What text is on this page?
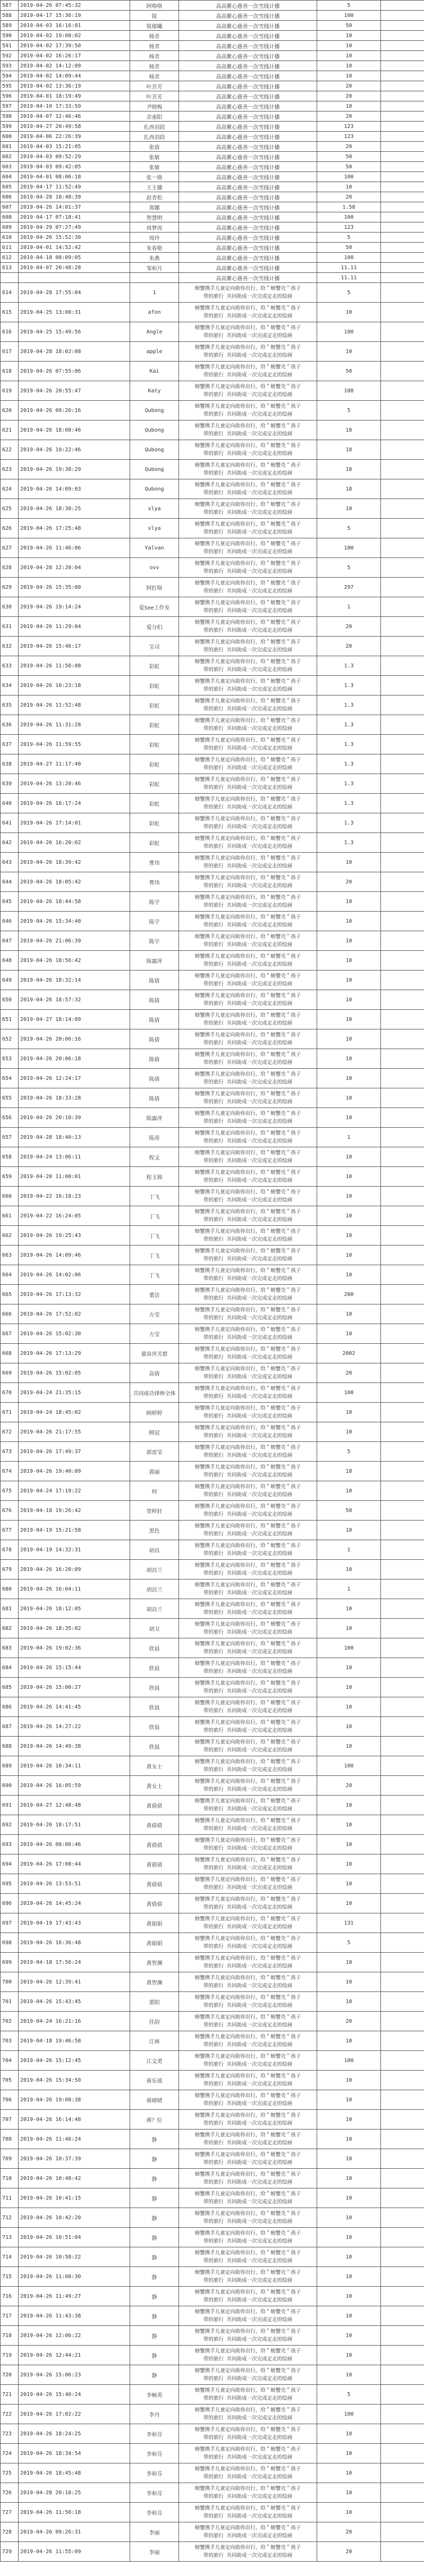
587	2019-04-26 07:45:32	阿咯咯	高高紫心慈善一次雪线计播	5	
588	2019-04-17 15:36:19	锐	高高紫心慈善一次雪线计播	100	
589	2019-04-03 16:16:01	锐郁曦	高高紫心慈善一次雪线计播	50	
590	2019-04-02 19:08:02	杨青	高高紫心慈善一次雪线计播	10	
591	2019-04-02 17:39:50	杨青	高高紫心慈善一次雪线计播	10	
592	2019-04-02 16:26:17	杨青	高高紫心慈善一次雪线计播	10	
593	2019-04-02 14:12:09	杨青	高高紫心慈善一次雪线计播	10	
594	2019-04-02 14:09:44	杨青	高高紫心慈善一次雪线计播	10	
595	2019-04-02 13:36:19	叶芳芳	高高紫心慈善一次雪线计播	20	
596	2019-04-01 18:19:49	叶芳芳	高高紫心慈善一次雪线计播	20	
597	2019-04-10 17:33:59	尹晓梅	高高紫心慈善一次雪线计播	10	
598	2019-04-07 12:46:46	余童阳	高高紫心慈善一次雪线计播	20	
599	2019-04-27 20:49:58	扎西羽段	高高紫心慈善一次雪线计播	123	
600	2019-04-06 22:26:39	扎西羽段	高高紫心慈善一次雪线计播	123	
601	2019-04-03 15:21:05	张倩	高高紫心慈善一次雪线计播	20	
602	2019-04-03 09:52:29	张敏	高高紫心慈善一次雪线计播	50	
603	2019-04-03 09:42:05	张敏	高高紫心慈善一次雪线计播	50	
604	2019-04-01 08:06:18	张一格	高高紫心慈善一次雪线计播	100	
605	2019-04-17 11:52:49	王主播	高高紫心慈善一次雪线计播	10	
606	2019-04-28 18:48:39	赵青松	高高紫心慈善一次雪线计播	20	
607	2019-04-26 14:01:37	郑娜	高高紫心慈善一次雪线计播	1.58	
608	2019-04-17 07:18:41	智慧明	高高紫心慈善一次雪线计播	100	
609	2019-04-29 07:27:49	周梦涛	高高紫心慈善一次雪线计播	123	
610	2019-04-26 15:52:30	周玲	高高紫心慈善一次雪线计播	5	
611	2019-04-01 14:52:42	朱春艳	高高紫心慈善一次雪线计播	50	
612	2019-04-18 08:09:05	朱燕	高高紫心慈善一次雪线计播	100	
613	2019-04-07 20:48:28	邹和月	高高紫心慈善一次雪线计播	11.11	
			高高紫心慈善一次雪线计播	11.11	
614	2019-04-28 17:55:04	1	螃蟹携手儿童定向助你出行，给＂螃蟹壳＂孩子
带的旅行 共同助成一次完成定走的绘画	5	
615	2019-04-25 13:00:31	afon	螃蟹携手儿童定向助你出行，给＂螃蟹壳＂孩子
带的旅行 共同助成一次完成定走的绘画	10	
616	2019-04-25 15:49:56	Angle	螃蟹携手儿童定向助你出行，给＂螃蟹壳＂孩子
带的旅行 共同助成一次完成定走的绘画	100	
617	2019-04-28 18:02:08	apple	螃蟹携手儿童定向助你出行，给＂螃蟹壳＂孩子
带的旅行 共同助成一次完成定走的绘画	10	
618	2019-04-26 07:55:06	Kai	螃蟹携手儿童定向助你出行，给＂螃蟹壳＂孩子
带的旅行 共同助成一次完成定走的绘画	50	
619	2019-04-26 20:55:47	Katy	螃蟹携手儿童定向助你出行，给＂螃蟹壳＂孩子
带的旅行 共同助成一次完成定走的绘画	108	
620	2019-04-26 09:26:16	Qubong	螃蟹携手儿童定向助你出行，给＂螃蟹壳＂孩子
带的旅行 共同助成一次完成定走的绘画	5	
621	2019-04-26 18:08:46	Qubong	螃蟹携手儿童定向助你出行，给＂螃蟹壳＂孩子
带的旅行 共同助成一次完成定走的绘画	18	
622	2019-04-26 19:22:46	Qubong	螃蟹携手儿童定向助你出行，给＂螃蟹壳＂孩子
带的旅行 共同助成一次完成定走的绘画	18	
623	2019-04-26 19:38:29	Qubong	螃蟹携手儿童定向助你出行，给＂螃蟹壳＂孩子
带的旅行 共同助成一次完成定走的绘画	18	
624	2019-04-26 14:09:03	Qubong	螃蟹携手儿童定向助你出行，给＂螃蟹壳＂孩子
带的旅行 共同助成一次完成定走的绘画	18	
625	2019-04-26 18:30:25	xlya	螃蟹携手儿童定向助你出行，给＂螃蟹壳＂孩子
带的旅行 共同助成一次完成定走的绘画	10	
626	2019-04-26 17:25:48	xlya	螃蟹携手儿童定向助你出行，给＂螃蟹壳＂孩子
带的旅行 共同助成一次完成定走的绘画	5	
627	2019-04-26 11:46:06	Yalvan	螃蟹携手儿童定向助你出行，给＂螃蟹壳＂孩子
带的旅行 共同助成一次完成定走的绘画	100	
628	2019-04-28 12:20:04	ovv	螃蟹携手儿童定向助你出行，给＂螃蟹壳＂孩子
带的旅行 共同助成一次完成定走的绘画	5	
629	2019-04-26 15:35:00	阿红咯	螃蟹携手儿童定向助你出行，给＂螃蟹壳＂孩子
带的旅行 共同助成一次完成定走的绘画	297	
630	2019-04-26 19:14:24	爱See工作室	螃蟹携手儿童定向助你出行，给＂螃蟹壳＂孩子
带的旅行 共同助成一次完成定走的绘画	1	
631	2019-04-26 11:29:04	爱分们	螃蟹携手儿童定向助你出行，给＂螃蟹壳＂孩子
带的旅行 共同助成一次完成定走的绘画	20	
632	2019-04-26 15:46:17	宝司	螃蟹携手儿童定向助你出行，给＂螃蟹壳＂孩子
带的旅行 共同助成一次完成定走的绘画	20	
633	2019-04-26 11:50:08	彩虹	螃蟹携手儿童定向助你出行，给＂螃蟹壳＂孩子
带的旅行 共同助成一次完成定走的绘画	1.3	
634	2019-04-26 10:23:18	彩虹	螃蟹携手儿童定向助你出行，给＂螃蟹壳＂孩子
带的旅行 共同助成一次完成定走的绘画	1.3	
635	2019-04-26 11:52:48	彩虹	螃蟹携手儿童定向助你出行，给＂螃蟹壳＂孩子
带的旅行 共同助成一次完成定走的绘画	1.3	
636	2019-04-26 11:31:28	彩虹	螃蟹携手儿童定向助你出行，给＂螃蟹壳＂孩子
带的旅行 共同助成一次完成定走的绘画	1.3	
637	2019-04-26 11:59:55	彩虹	螃蟹携手儿童定向助你出行，给＂螃蟹壳＂孩子
带的旅行 共同助成一次完成定走的绘画	1.3	
638	2019-04-27 11:17:40	彩虹	螃蟹携手儿童定向助你出行，给＂螃蟹壳＂孩子
带的旅行 共同助成一次完成定走的绘画	1.3	
639	2019-04-26 13:20:46	彩虹	螃蟹携手儿童定向助你出行，给＂螃蟹壳＂孩子
带的旅行 共同助成一次完成定走的绘画	1.3	
640	2019-04-26 16:17:24	彩虹	螃蟹携手儿童定向助你出行，给＂螃蟹壳＂孩子
带的旅行 共同助成一次完成定走的绘画	1.3	
641	2019-04-26 17:14:01	彩虹	螃蟹携手儿童定向助你出行，给＂螃蟹壳＂孩子
带的旅行 共同助成一次完成定走的绘画	1.3	
642	2019-04-26 16:20:02	彩虹	螃蟹携手儿童定向助你出行，给＂螃蟹壳＂孩子
带的旅行 共同助成一次完成定走的绘画	1.3	
643	2019-04-26 18:39:42	曹玮	螃蟹携手儿童定向助你出行，给＂螃蟹壳＂孩子
带的旅行 共同助成一次完成定走的绘画	10	
644	2019-04-26 18:05:42	曹玮	螃蟹携手儿童定向助你出行，给＂螃蟹壳＂孩子
带的旅行 共同助成一次完成定走的绘画	20	
645	2019-04-26 18:44:58	陈宇	螃蟹携手儿童定向助你出行，给＂螃蟹壳＂孩子
带的旅行 共同助成一次完成定走的绘画	10	
646	2019-04-26 15:34:40	陈宇	螃蟹携手儿童定向助你出行，给＂螃蟹壳＂孩子
带的旅行 共同助成一次完成定走的绘画	10	
647	2019-04-26 21:06:39	陈宇	螃蟹携手儿童定向助你出行，给＂螃蟹壳＂孩子
带的旅行 共同助成一次完成定走的绘画	10	
648	2019-04-26 18:56:42	陈露萍	螃蟹携手儿童定向助你出行，给＂螃蟹壳＂孩子
带的旅行 共同助成一次完成定走的绘画	10	
649	2019-04-26 18:32:14	陈倩	螃蟹携手儿童定向助你出行，给＂螃蟹壳＂孩子
带的旅行 共同助成一次完成定走的绘画	10	
650	2019-04-26 18:57:32	陈倩	螃蟹携手儿童定向助你出行，给＂螃蟹壳＂孩子
带的旅行 共同助成一次完成定走的绘画	10	
651	2019-04-27 18:14:09	陈倩	螃蟹携手儿童定向助你出行，给＂螃蟹壳＂孩子
带的旅行 共同助成一次完成定走的绘画	10	
652	2019-04-26 20:06:16	陈倩	螃蟹携手儿童定向助你出行，给＂螃蟹壳＂孩子
带的旅行 共同助成一次完成定走的绘画	10	
653	2019-04-26 20:06:18	陈倩	螃蟹携手儿童定向助你出行，给＂螃蟹壳＂孩子
带的旅行 共同助成一次完成定走的绘画	10	
654	2019-04-26 12:24:17	陈倩	螃蟹携手儿童定向助你出行，给＂螃蟹壳＂孩子
带的旅行 共同助成一次完成定走的绘画	10	
655	2019-04-26 18:33:28	陈倩	螃蟹携手儿童定向助你出行，给＂螃蟹壳＂孩子
带的旅行 共同助成一次完成定走的绘画	10	
656	2019-04-26 20:10:39	陈露萍	螃蟹携手儿童定向助你出行，给＂螃蟹壳＂孩子
带的旅行 共同助成一次完成定走的绘画	10	
657	2019-04-28 18:40:13	陈涛	螃蟹携手儿童定向助你出行，给＂螃蟹壳＂孩子
带的旅行 共同助成一次完成定走的绘画	1	
658	2019-04-24 13:06:11	程文	螃蟹携手儿童定向助你出行，给＂螃蟹壳＂孩子
带的旅行 共同助成一次完成定走的绘画	10	
659	2019-04-20 11:00:01	程玉锦	螃蟹携手儿童定向助你出行，给＂螃蟹壳＂孩子
带的旅行 共同助成一次完成定走的绘画	10	
660	2019-04-22 16:18:23	丁飞	螃蟹携手儿童定向助你出行，给＂螃蟹壳＂孩子
带的旅行 共同助成一次完成定走的绘画	10	
661	2019-04-22 16:24:05	丁飞	螃蟹携手儿童定向助你出行，给＂螃蟹壳＂孩子
带的旅行 共同助成一次完成定走的绘画	10	
662	2019-04-26 19:25:43	丁飞	螃蟹携手儿童定向助你出行，给＂螃蟹壳＂孩子
带的旅行 共同助成一次完成定走的绘画	10	
663	2019-04-26 14:09:46	丁飞	螃蟹携手儿童定向助你出行，给＂螃蟹壳＂孩子
带的旅行 共同助成一次完成定走的绘画	10	
664	2019-04-26 14:02:06	丁飞	螃蟹携手儿童定向助你出行，给＂螃蟹壳＂孩子
带的旅行 共同助成一次完成定走的绘画	10	
665	2019-04-26 17:13:32	董洁	螃蟹携手儿童定向助你出行，给＂螃蟹壳＂孩子
带的旅行 共同助成一次完成定走的绘画	200	
666	2019-04-26 17:52:02	方莹	螃蟹携手儿童定向助你出行，给＂螃蟹壳＂孩子
带的旅行 共同助成一次完成定走的绘画	10	
667	2019-04-26 15:02:30	方莹	螃蟹携手儿童定向助你出行，给＂螃蟹壳＂孩子
带的旅行 共同助成一次完成定走的绘画	10	
668	2019-04-26 17:13:29	慕容世芳群	螃蟹携手儿童定向助你出行，给＂螃蟹壳＂孩子
带的旅行 共同助成一次完成定走的绘画	2002	
669	2019-04-26 15:02:05	高倩	螃蟹携手儿童定向助你出行，给＂螃蟹壳＂孩子
带的旅行 共同助成一次完成定走的绘画	20	
670	2019-04-24 21:35:15	共同成功律师全体	螃蟹携手儿童定向助你出行，给＂螃蟹壳＂孩子
带的旅行 共同助成一次完成定走的绘画	100	
671	2019-04-24 18:45:02	顾婷婷	螃蟹携手儿童定向助你出行，给＂螃蟹壳＂孩子
带的旅行 共同助成一次完成定走的绘画	10	
672	2019-04-26 21:17:55	顾冠	螃蟹携手儿童定向助你出行，给＂螃蟹壳＂孩子
带的旅行 共同助成一次完成定走的绘画	10	
673	2019-04-26 17:49:37	郭雷莹	螃蟹携手儿童定向助你出行，给＂螃蟹壳＂孩子
带的旅行 共同助成一次完成定走的绘画	5	
674	2019-04-26 19:40:09	郭丽	螃蟹携手儿童定向助你出行，给＂螃蟹壳＂孩子
带的旅行 共同助成一次完成定走的绘画	18	
675	2019-04-24 17:19:22	何	螃蟹携手儿童定向助你出行，给＂螃蟹壳＂孩子
带的旅行 共同助成一次完成定走的绘画	10	
676	2019-04-18 19:26:42	贺梓轩	螃蟹携手儿童定向助你出行，给＂螃蟹壳＂孩子
带的旅行 共同助成一次完成定走的绘画	50	
677	2019-04-19 15:21:58	黑色	螃蟹携手儿童定向助你出行，给＂螃蟹壳＂孩子
带的旅行 共同助成一次完成定走的绘画	10	
678	2019-04-19 14:32:31	胡昌	螃蟹携手儿童定向助你出行，给＂螃蟹壳＂孩子
带的旅行 共同助成一次完成定走的绘画	1	
679	2019-04-26 16:20:09	胡昌兰	螃蟹携手儿童定向助你出行，给＂螃蟹壳＂孩子
带的旅行 共同助成一次完成定走的绘画	10	
680	2019-04-26 16:04:11	胡昌兰	螃蟹携手儿童定向助你出行，给＂螃蟹壳＂孩子
带的旅行 共同助成一次完成定走的绘画	1	
681	2019-04-26 18:12:05	胡昌兰	螃蟹携手儿童定向助你出行，给＂螃蟹壳＂孩子
带的旅行 共同助成一次完成定走的绘画	10	
682	2019-04-26 18:35:02	胡卫	螃蟹携手儿童定向助你出行，给＂螃蟹壳＂孩子
带的旅行 共同助成一次完成定走的绘画	10	
683	2019-04-26 19:02:36	欣晨	螃蟹携手儿童定向助你出行，给＂螃蟹壳＂孩子
带的旅行 共同助成一次完成定走的绘画	100	
684	2019-04-26 15:15:44	欣晨	螃蟹携手儿童定向助你出行，给＂螃蟹壳＂孩子
带的旅行 共同助成一次完成定走的绘画	10	
685	2019-04-26 15:00:27	欣晨	螃蟹携手儿童定向助你出行，给＂螃蟹壳＂孩子
带的旅行 共同助成一次完成定走的绘画	10	
686	2019-04-26 14:41:45	欣晨	螃蟹携手儿童定向助你出行，给＂螃蟹壳＂孩子
带的旅行 共同助成一次完成定走的绘画	10	
687	2019-04-26 14:27:22	欣晨	螃蟹携手儿童定向助你出行，给＂螃蟹壳＂孩子
带的旅行 共同助成一次完成定走的绘画	10	
688	2019-04-26 14:49:38	欣晨	螃蟹携手儿童定向助你出行，给＂螃蟹壳＂孩子
带的旅行 共同助成一次完成定走的绘画	10	
689	2019-04-26 10:34:11	黄女士	螃蟹携手儿童定向助你出行，给＂螃蟹壳＂孩子
带的旅行 共同助成一次完成定走的绘画	100	
690	2019-04-26 16:05:59	黄女士	螃蟹携手儿童定向助你出行，给＂螃蟹壳＂孩子
带的旅行 共同助成一次完成定走的绘画	20	
691	2019-04-27 12:48:48	黄倩倩	螃蟹携手儿童定向助你出行，给＂螃蟹壳＂孩子
带的旅行 共同助成一次完成定走的绘画	10	
692	2019-04-26 18:17:51	黄倩倩	螃蟹携手儿童定向助你出行，给＂螃蟹壳＂孩子
带的旅行 共同助成一次完成定走的绘画	10	
693	2019-04-26 08:06:46	黄倩倩	螃蟹携手儿童定向助你出行，给＂螃蟹壳＂孩子
带的旅行 共同助成一次完成定走的绘画	10	
694	2019-04-26 17:08:44	黄倩倩	螃蟹携手儿童定向助你出行，给＂螃蟹壳＂孩子
带的旅行 共同助成一次完成定走的绘画	10	
695	2019-04-26 13:53:51	黄倩倩	螃蟹携手儿童定向助你出行，给＂螃蟹壳＂孩子
带的旅行 共同助成一次完成定走的绘画	10	
696	2019-04-26 14:45:24	黄倩倩	螃蟹携手儿童定向助你出行，给＂螃蟹壳＂孩子
带的旅行 共同助成一次完成定走的绘画	10	
697	2019-04-19 17:43:43	黄娟娟	螃蟹携手儿童定向助你出行，给＂螃蟹壳＂孩子
带的旅行 共同助成一次完成定走的绘画	131	
698	2019-04-26 16:36:48	黄娟娟	螃蟹携手儿童定向助你出行，给＂螃蟹壳＂孩子
带的旅行 共同助成一次完成定走的绘画	5	
699	2019-04-18 17:56:24	黄智渊	螃蟹携手儿童定向助你出行，给＂螃蟹壳＂孩子
带的旅行 共同助成一次完成定走的绘画	10	
700	2019-04-26 12:39:41	黄智渊	螃蟹携手儿童定向助你出行，给＂螃蟹壳＂孩子
带的旅行 共同助成一次完成定走的绘画	10	
701	2019-04-26 15:43:45	蕾阳	螃蟹携手儿童定向助你出行，给＂螃蟹壳＂孩子
带的旅行 共同助成一次完成定走的绘画	10	
702	2019-04-24 16:21:16	佳韵	螃蟹携手儿童定向助你出行，给＂螃蟹壳＂孩子
带的旅行 共同助成一次完成定走的绘画	20	
703	2019-04-18 19:46:58	江林	螃蟹携手儿童定向助你出行，给＂螃蟹壳＂孩子
带的旅行 共同助成一次完成定走的绘画	10	
704	2019-04-26 15:12:45	江文勇	螃蟹携手儿童定向助你出行，给＂螃蟹壳＂孩子
带的旅行 共同助成一次完成定走的绘画	100	
705	2019-04-26 15:34:50	蒋乐瑶	螃蟹携手儿童定向助你出行，给＂螃蟹壳＂孩子
带的旅行 共同助成一次完成定走的绘画	10	
706	2019-04-26 19:08:38	蒋晴晴	螃蟹携手儿童定向助你出行，给＂螃蟹壳＂孩子
带的旅行 共同助成一次完成定走的绘画	10	
707	2019-04-26 16:14:48	蒋？位	螃蟹携手儿童定向助你出行，给＂螃蟹壳＂孩子
带的旅行 共同助成一次完成定走的绘画	10	
708	2019-04-26 11:46:24	静	螃蟹携手儿童定向助你出行，给＂螃蟹壳＂孩子
带的旅行 共同助成一次完成定走的绘画	10	
709	2019-04-26 10:37:39	静	螃蟹携手儿童定向助你出行，给＂螃蟹壳＂孩子
带的旅行 共同助成一次完成定走的绘画	10	
710	2019-04-26 10:48:42	静	螃蟹携手儿童定向助你出行，给＂螃蟹壳＂孩子
带的旅行 共同助成一次完成定走的绘画	10	
711	2019-04-26 10:41:15	静	螃蟹携手儿童定向助你出行，给＂螃蟹壳＂孩子
带的旅行 共同助成一次完成定走的绘画	10	
712	2019-04-26 10:42:20	静	螃蟹携手儿童定向助你出行，给＂螃蟹壳＂孩子
带的旅行 共同助成一次完成定走的绘画	10	
713	2019-04-26 10:51:04	静	螃蟹携手儿童定向助你出行，给＂螃蟹壳＂孩子
带的旅行 共同助成一次完成定走的绘画	10	
714	2019-04-26 10:58:22	静	螃蟹携手儿童定向助你出行，给＂螃蟹壳＂孩子
带的旅行 共同助成一次完成定走的绘画	10	
715	2019-04-26 11:08:30	静	螃蟹携手儿童定向助你出行，给＂螃蟹壳＂孩子
带的旅行 共同助成一次完成定走的绘画	10	
716	2019-04-26 11:49:27	静	螃蟹携手儿童定向助你出行，给＂螃蟹壳＂孩子
带的旅行 共同助成一次完成定走的绘画	10	
717	2019-04-26 11:43:38	静	螃蟹携手儿童定向助你出行，给＂螃蟹壳＂孩子
带的旅行 共同助成一次完成定走的绘画	10	
718	2019-04-26 12:06:22	静	螃蟹携手儿童定向助你出行，给＂螃蟹壳＂孩子
带的旅行 共同助成一次完成定走的绘画	10	
719	2019-04-26 12:44:21	静	螃蟹携手儿童定向助你出行，给＂螃蟹壳＂孩子
带的旅行 共同助成一次完成定走的绘画	10	
720	2019-04-26 15:06:23	静	螃蟹携手儿童定向助你出行，给＂螃蟹壳＂孩子
带的旅行 共同助成一次完成定走的绘画	10	
721	2019-04-26 15:40:24	李畅英	螃蟹携手儿童定向助你出行，给＂螃蟹壳＂孩子
带的旅行 共同助成一次完成定走的绘画	5	
722	2019-04-26 17:02:22	李丹	螃蟹携手儿童定向助你出行，给＂螃蟹壳＂孩子
带的旅行 共同助成一次完成定走的绘画	100	
723	2019-04-26 18:24:25	李和芬	螃蟹携手儿童定向助你出行，给＂螃蟹壳＂孩子
带的旅行 共同助成一次完成定走的绘画	10	
724	2019-04-26 18:34:54	李和芬	螃蟹携手儿童定向助你出行，给＂螃蟹壳＂孩子
带的旅行 共同助成一次完成定走的绘画	10	
725	2019-04-26 18:45:48	李和芬	螃蟹携手儿童定向助你出行，给＂螃蟹壳＂孩子
带的旅行 共同助成一次完成定走的绘画	10	
726	2019-04-28 20:18:25	李和芬	螃蟹携手儿童定向助你出行，给＂螃蟹壳＂孩子
带的旅行 共同助成一次完成定走的绘画	10	
727	2019-04-26 11:50:18	李和芬	螃蟹携手儿童定向助你出行，给＂螃蟹壳＂孩子
带的旅行 共同助成一次完成定走的绘画	10	
728	2019-04-26 09:26:31	李丽	螃蟹携手儿童定向助你出行，给＂螃蟹壳＂孩子
带的旅行 共同助成一次完成定走的绘画	20	
729	2019-04-26 11:55:09	李丽	螃蟹携手儿童定向助你出行，给＂螃蟹壳＂孩子
带的旅行 共同助成一次完成定走的绘画	20	
